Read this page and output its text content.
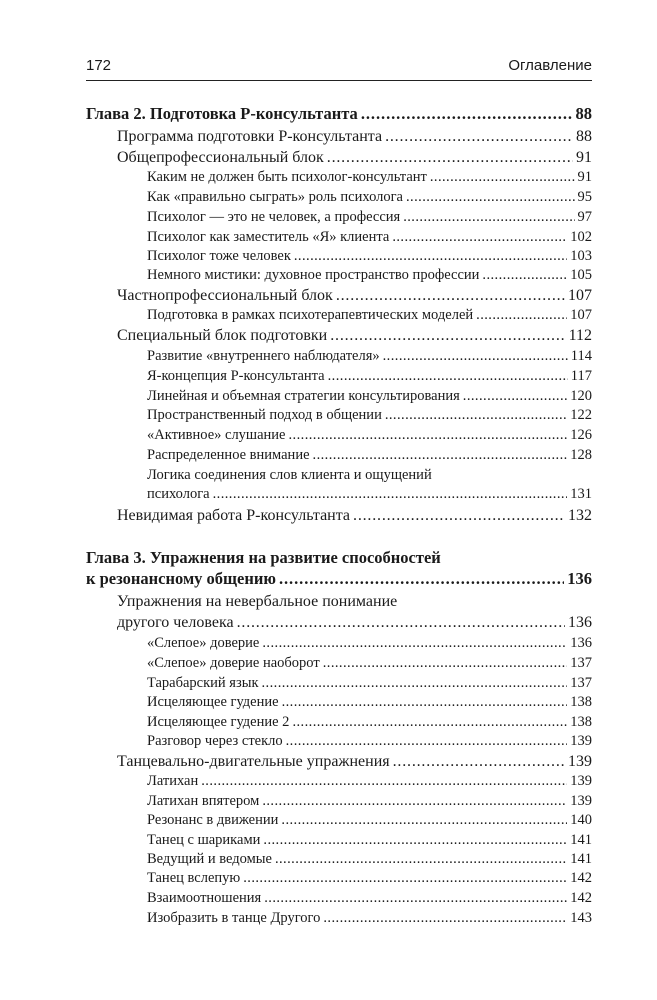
172	Оглавление
Глава 2. Подготовка Р-консультанта . . .	88
Программа подготовки Р-консультанта . . .	88
Общепрофессиональный блок . . .	91
Каким не должен быть психолог-консультант . . .	91
Как «правильно сыграть» роль психолога . . .	95
Психолог — это не человек, а профессия . . .	97
Психолог как заместитель «Я» клиента . . .	102
Психолог тоже человек . . .	103
Немного мистики: духовное пространство профессии . . .	105
Частнопрофессиональный блок . . .	107
Подготовка в рамках психотерапевтических моделей . . .	107
Специальный блок подготовки . . .	112
Развитие «внутреннего наблюдателя» . . .	114
Я-концепция Р-консультанта . . .	117
Линейная и объемная стратегии консультирования . . .	120
Пространственный подход в общении . . .	122
«Активное» слушание . . .	126
Распределенное внимание . . .	128
Логика соединения слов клиента и ощущений
психолога . . .	131
Невидимая работа Р-консультанта . . .	132
Глава 3. Упражнения на развитие способностей
к резонансному общению . . .	136
Упражнения на невербальное понимание
другого человека . . .	136
«Слепое» доверие . . .	136
«Слепое» доверие наоборот . . .	137
Тарабарский язык . . .	137
Исцеляющее гудение . . .	138
Исцеляющее гудение 2 . . .	138
Разговор через стекло . . .	139
Танцевально-двигательные упражнения . . .	139
Латихан . . .	139
Латихан впятером . . .	139
Резонанс в движении . . .	140
Танец с шариками . . .	141
Ведущий и ведомые . . .	141
Танец вслепую . . .	142
Взаимоотношения . . .	142
Изобразить в танце Другого . . .	143
